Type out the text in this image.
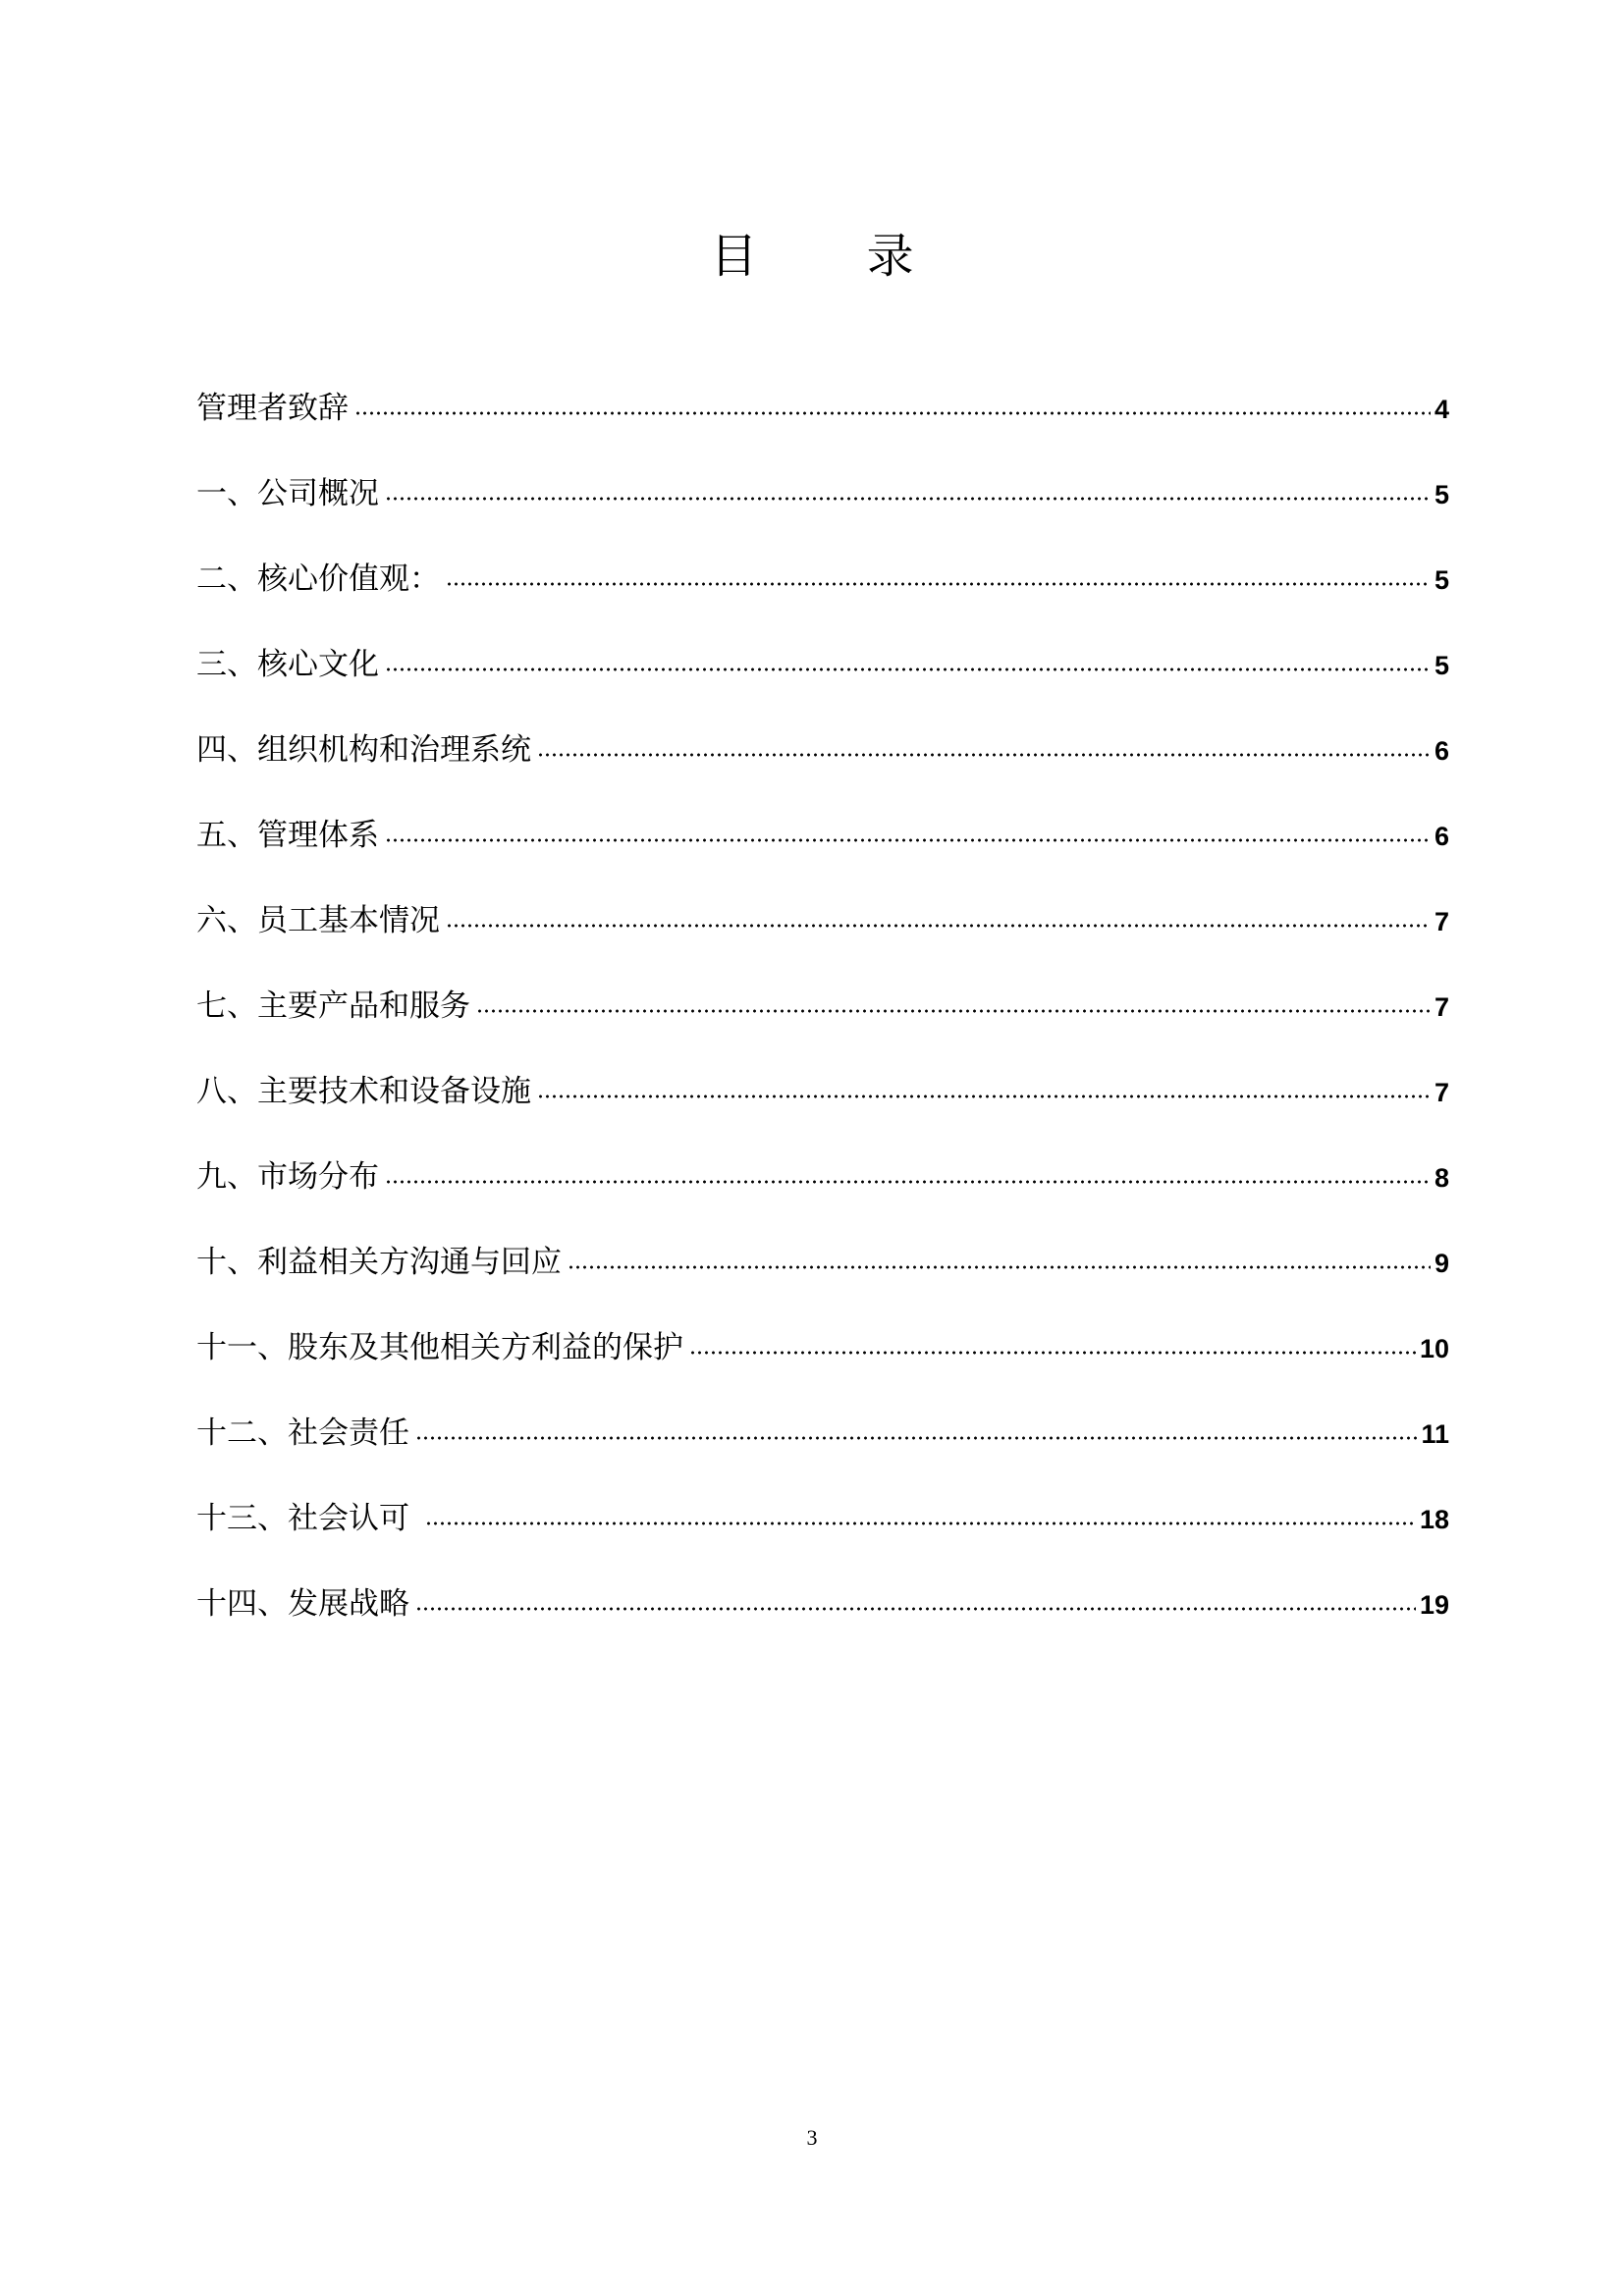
目 录
管理者致辞	4
一、公司概况	5
二、核心价值观：	5
三、核心文化	5
四、组织机构和治理系统	6
五、管理体系	6
六、员工基本情况	7
七、主要产品和服务	7
八、主要技术和设备设施	7
九、市场分布	8
十、利益相关方沟通与回应	9
十一、股东及其他相关方利益的保护	10
十二、社会责任	11
十三、社会认可	18
十四、发展战略	19
3
